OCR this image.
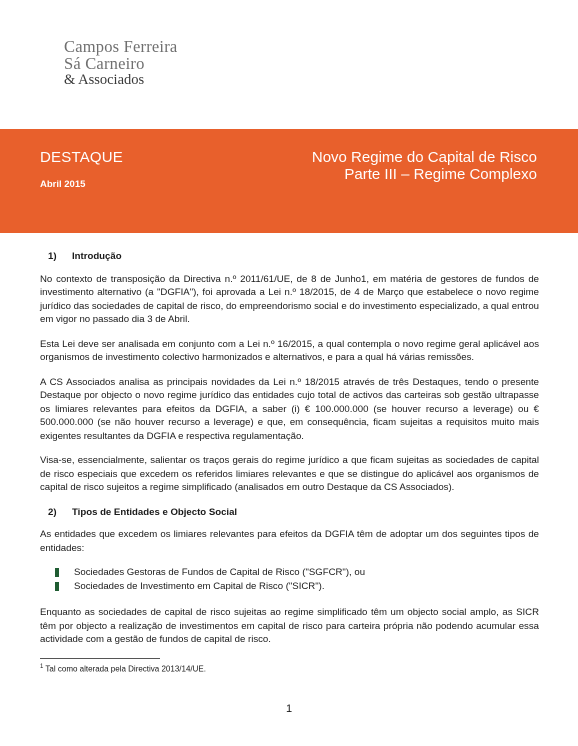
Campos Ferreira
Sá Carneiro
& Associados
DESTAQUE
Abril 2015
Novo Regime do Capital de Risco
Parte III – Regime Complexo
1) Introdução

No contexto de transposição da Directiva n.º 2011/61/UE, de 8 de Junho1, em matéria de gestores de fundos de investimento alternativo (a "DGFIA"), foi aprovada a Lei n.º 18/2015, de 4 de Março que estabelece o novo regime jurídico das sociedades de capital de risco, do empreendorismo social e do investimento especializado, a qual entrou em vigor no passado dia 3 de Abril.

Esta Lei deve ser analisada em conjunto com a Lei n.º 16/2015, a qual contempla o novo regime geral aplicável aos organismos de investimento colectivo harmonizados e alternativos, e para a qual há várias remissões.

A CS Associados analisa as principais novidades da Lei n.º 18/2015 através de três Destaques, tendo o presente Destaque por objecto o novo regime jurídico das entidades cujo total de activos das carteiras sob gestão ultrapasse os limiares relevantes para efeitos da DGFIA, a saber (i) € 100.000.000 (se houver recurso a leverage) ou € 500.000.000 (se não houver recurso a leverage) e que, em consequência, ficam sujeitas a requisitos muito mais exigentes resultantes da DGFIA e respectiva regulamentação.

Visa-se, essencialmente, salientar os traços gerais do regime jurídico a que ficam sujeitas as sociedades de capital de risco especiais que excedem os referidos limiares relevantes e que se distingue do aplicável aos organismos de capital de risco sujeitos a regime simplificado (analisados em outro Destaque da CS Associados).

2) Tipos de Entidades e Objecto Social

As entidades que excedem os limiares relevantes para efeitos da DGFIA têm de adoptar um dos seguintes tipos de entidades:

Sociedades Gestoras de Fundos de Capital de Risco ("SGFCR"), ou
Sociedades de Investimento em Capital de Risco ("SICR").

Enquanto as sociedades de capital de risco sujeitas ao regime simplificado têm um objecto social amplo, as SICR têm por objecto a realização de investimentos em capital de risco para carteira própria não podendo acumular essa actividade com a gestão de fundos de capital de risco.

$^1$ Tal como alterada pela Directiva 2013/14/UE.
1
